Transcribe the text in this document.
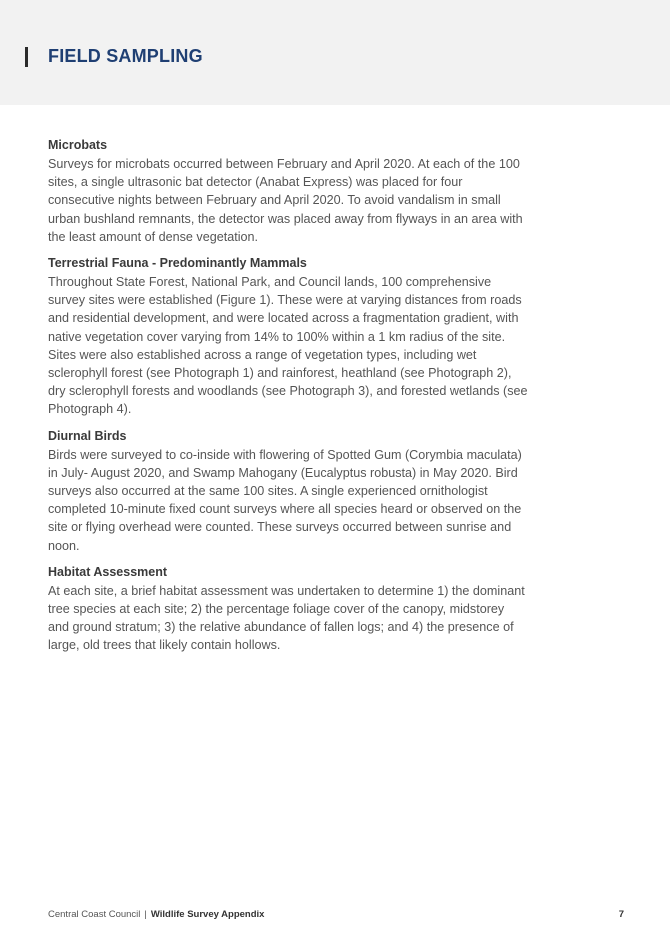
FIELD SAMPLING
Microbats

Surveys for microbats occurred between February and April 2020. At each of the 100 sites, a single ultrasonic bat detector (Anabat Express) was placed for four consecutive nights between February and April 2020. To avoid vandalism in small urban bushland remnants, the detector was placed away from flyways in an area with the least amount of dense vegetation.

Terrestrial Fauna - Predominantly Mammals

Throughout State Forest, National Park, and Council lands, 100 comprehensive survey sites were established (Figure 1). These were at varying distances from roads and residential development, and were located across a fragmentation gradient, with native vegetation cover varying from 14% to 100% within a 1 km radius of the site. Sites were also established across a range of vegetation types, including wet sclerophyll forest (see Photograph 1) and rainforest, heathland (see Photograph 2), dry sclerophyll forests and woodlands (see Photograph 3), and forested wetlands (see Photograph 4).

Diurnal Birds

Birds were surveyed to co-inside with flowering of Spotted Gum (Corymbia maculata) in July- August 2020, and Swamp Mahogany (Eucalyptus robusta) in May 2020. Bird surveys also occurred at the same 100 sites. A single experienced ornithologist completed 10-minute fixed count surveys where all species heard or observed on the site or flying overhead were counted. These surveys occurred between sunrise and noon.

Habitat Assessment

At each site, a brief habitat assessment was undertaken to determine 1) the dominant tree species at each site; 2) the percentage foliage cover of the canopy, midstorey and ground stratum; 3) the relative abundance of fallen logs; and 4) the presence of large, old trees that likely contain hollows.

Central Coast Council | Wildlife Survey Appendix	7
